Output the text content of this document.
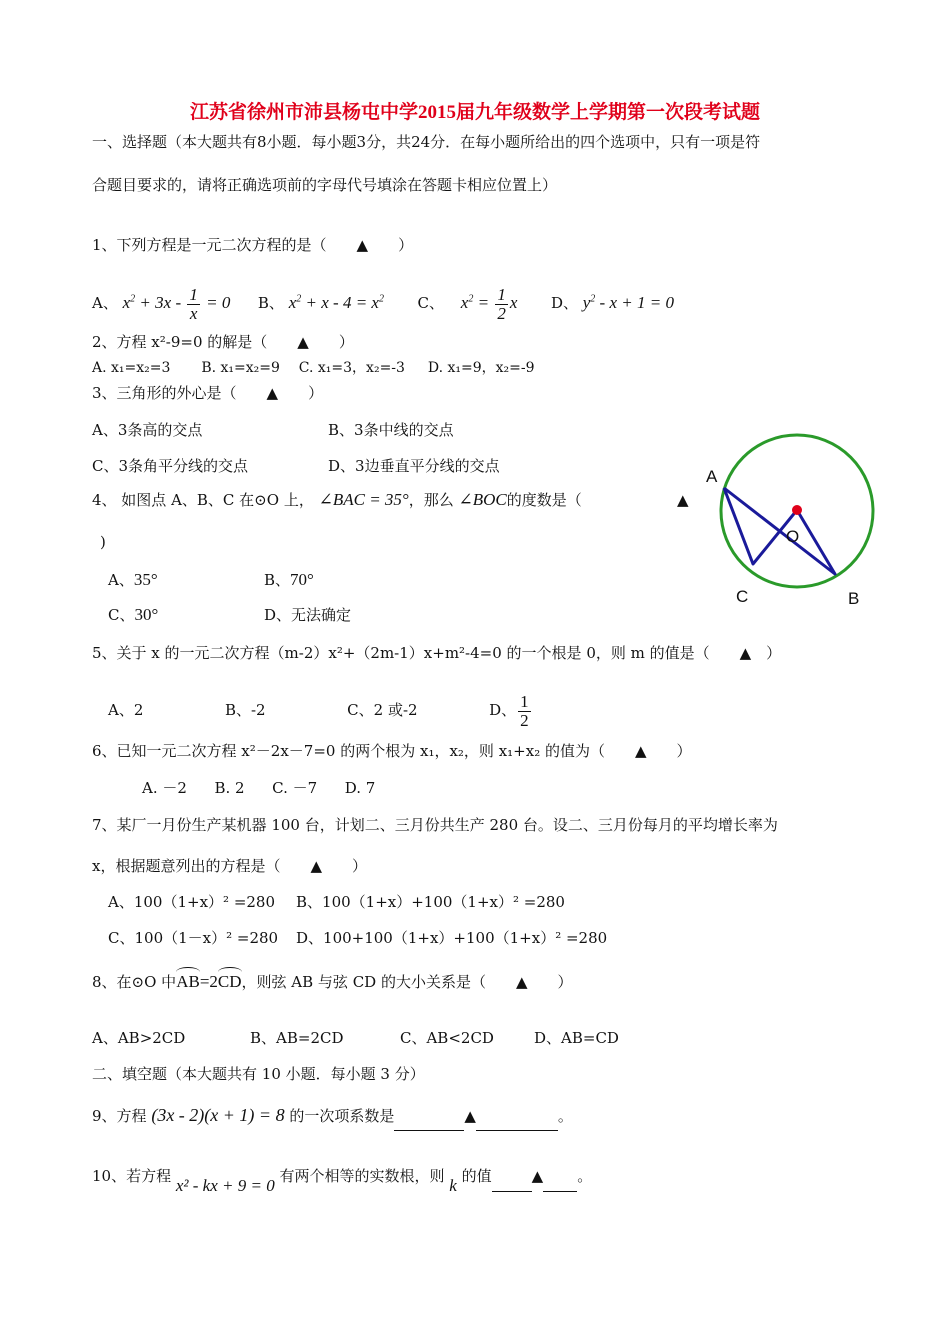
江苏省徐州市沛县杨屯中学2015届九年级数学上学期第一次段考试题
一、选择题（本大题共有8小题．每小题3分，共24分．在每小题所给出的四个选项中，只有一项是符
合题目要求的，请将正确选项前的字母代号填涂在答题卡相应位置上）
1、下列方程是一元二次方程的是（　　▲　　）
A、 $x^2 + 3x - \frac{1}{x} = 0$ B、 $x^2 + x - 4 = x^2$ C、 $x^2 = \frac{1}{2}$ x D、 $y^2 - x + 1 = 0$
2、方程 x²-9=0 的解是（　　▲　　）
A. x₁=x₂=3 B. x₁=x₂=9 C. x₁=3，x₂=-3 D. x₁=9，x₂=-9
3、三角形的外心是（　　▲　　）
A、3条高的交点	B、3条中线的交点
C、3条角平分线的交点	D、3边垂直平分线的交点
4、 如图点 A、B、C 在⊙O 上， ∠BAC = 35°，那么 ∠BOC的度数是（	▲
)
A、35°	B、70°
C、30°	D、无法确定
A
O
C	B
5、关于 x 的一元二次方程（m-2）x²+（2m-1）x+m²-4=0 的一个根是 0，则 m 的值是（　　▲　）
A、2	B、-2	C、2 或-2	D、 $\frac{1}{2}$
6、已知一元二次方程 x²－2x－7=0 的两个根为 x₁，x₂，则 x₁+x₂ 的值为（　　▲　　）
A. －2 B. 2 C. －7 D. 7
7、某厂一月份生产某机器 100 台，计划二、三月份共生产 280 台。设二、三月份每月的平均增长率为
x，根据题意列出的方程是（　　▲　　）
A、100（1+x）² =280 B、100（1+x）+100（1+x）² =280
C、100（1－x）² =280 D、100+100（1+x）+100（1+x）² =280
8、在⊙O 中AB=2CD，则弦 AB 与弦 CD 的大小关系是（　　▲　　）
A、AB>2CD	B、AB=2CD	C、AB<2CD	D、AB=CD
二、填空题（本大题共有 10 小题．每小题 3 分）
9、方程 (3x - 2)(x + 1) = 8 的一次项系数是	▲	。
10、若方程 x² - kx + 9 = 0 有两个相等的实数根，则 k 的值	▲ 。
